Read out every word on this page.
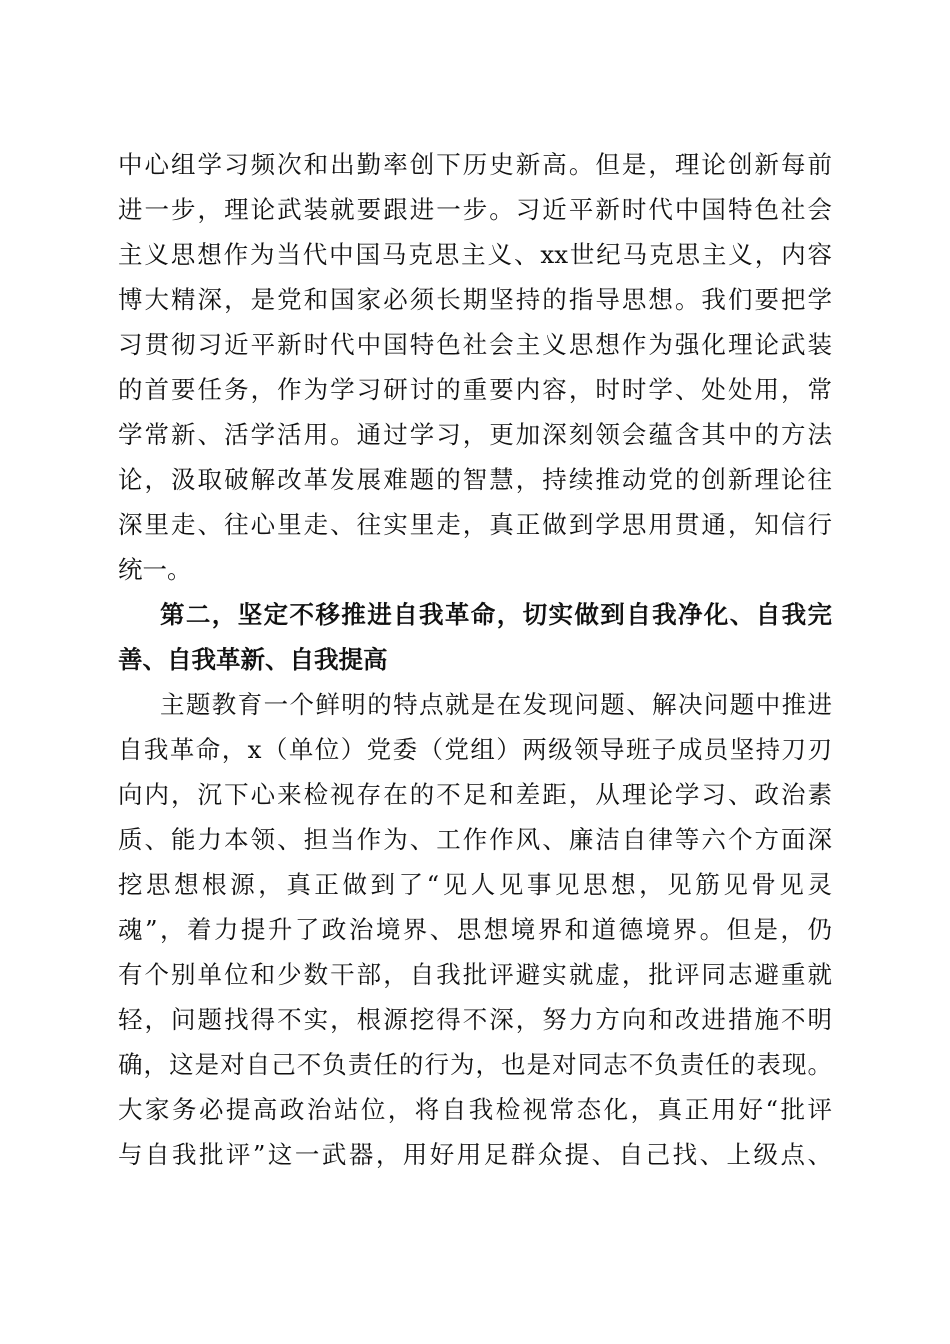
中心组学习频次和出勤率创下历史新高。但是，理论创新每前
进一步，理论武装就要跟进一步。习近平新时代中国特色社会
主义思想作为当代中国马克思主义、xx世纪马克思主义，内容
博大精深，是党和国家必须长期坚持的指导思想。我们要把学
习贯彻习近平新时代中国特色社会主义思想作为强化理论武装
的首要任务，作为学习研讨的重要内容，时时学、处处用，常
学常新、活学活用。通过学习，更加深刻领会蕴含其中的方法
论，汲取破解改革发展难题的智慧，持续推动党的创新理论往
深里走、往心里走、往实里走，真正做到学思用贯通，知信行
统一。
第二，坚定不移推进自我革命，切实做到自我净化、自我完
善、自我革新、自我提高
主题教育一个鲜明的特点就是在发现问题、解决问题中推进
自我革命，x（单位）党委（党组）两级领导班子成员坚持刀刃
向内，沉下心来检视存在的不足和差距，从理论学习、政治素
质、能力本领、担当作为、工作作风、廉洁自律等六个方面深
挖思想根源，真正做到了“见人见事见思想，见筋见骨见灵
魂”，着力提升了政治境界、思想境界和道德境界。但是，仍
有个别单位和少数干部，自我批评避实就虚，批评同志避重就
轻，问题找得不实，根源挖得不深，努力方向和改进措施不明
确，这是对自己不负责任的行为，也是对同志不负责任的表现。
大家务必提高政治站位，将自我检视常态化，真正用好“批评
与自我批评”这一武器，用好用足群众提、自己找、上级点、
